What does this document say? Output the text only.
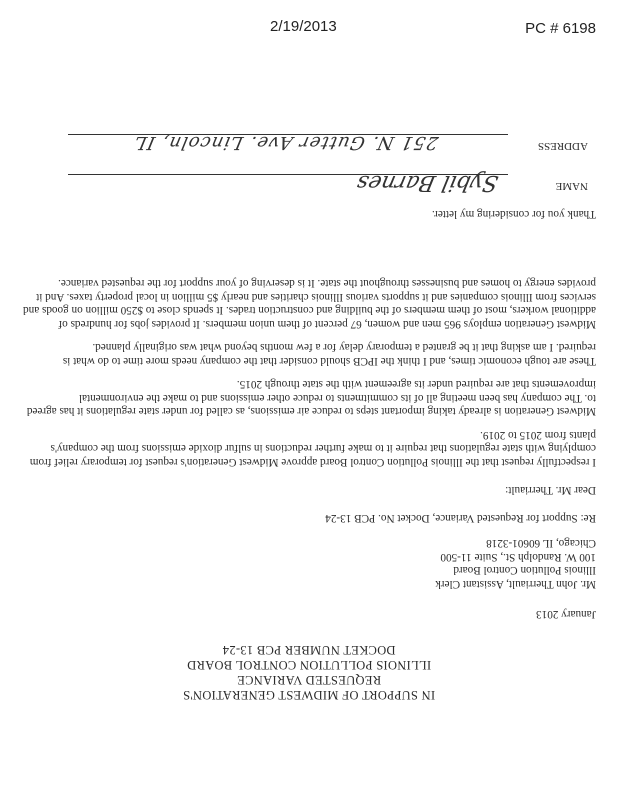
2/19/2013	PC # 6198

IN SUPPORT OF MIDWEST GENERATION'S

REQUESTED VARIANCE

ILLINOIS POLLUTION CONTROL BOARD

DOCKET NUMBER PCB 13-24

January 2013
Mr. John Therriault, Assistant Clerk
Illinois Pollution Control Board
100 W. Randolph St., Suite 11-500
Chicago, IL 60601-3218
Re: Support for Requested Variance, Docket No. PCB 13-24
Dear Mr. Therriault:

I respectfully request that the Illinois Pollution Control Board approve Midwest Generation's request for temporary relief from complying with state regulations that require it to make further reductions in sulfur dioxide emissions from the company's plants from 2015 to 2019.

Midwest Generation is already taking important steps to reduce air emissions, as called for under state regulations it has agreed to. The company has been meeting all of its commitments to reduce other emissions and to make the environmental improvements that are required under its agreement with the state through 2015.

These are tough economic times, and I think the IPCB should consider that the company needs more time to do what is required. I am asking that it be granted a temporary delay for a few months beyond what was originally planned.

Midwest Generation employs 965 men and women, 67 percent of them union members. It provides jobs for hundreds of additional workers, most of them members of the building and construction trades. It spends close to $250 million on goods and services from Illinois companies and it supports various Illinois charities and nearly $5 million in local property taxes. And it provides energy to homes and businesses throughout the state. It is deserving of your support for the requested variance.

Thank you for considering my letter.
NAME
Sybil Barnes
ADDRESS
251 N. Gutter Ave. Lincoln, IL
